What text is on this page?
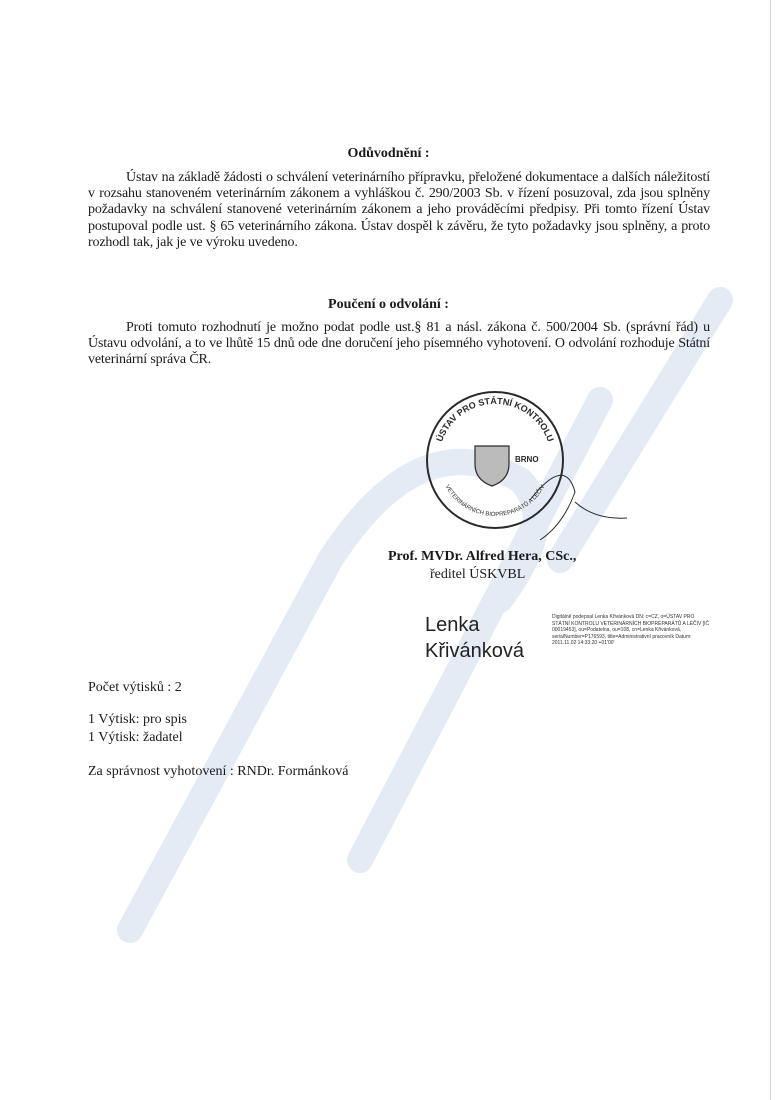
Odůvodnění :

Ústav na základě žádosti o schválení veterinárního přípravku, přeložené dokumentace a dalších náležitostí v rozsahu stanoveném veterinárním zákonem a vyhláškou č. 290/2003 Sb. v řízení posuzoval, zda jsou splněny požadavky na schválení stanovené veterinárním zákonem a jeho prováděcími předpisy. Při tomto řízení Ústav postupoval podle ust. § 65 veterinárního zákona. Ústav dospěl k závěru, že tyto požadavky jsou splněny, a proto rozhodl tak, jak je ve výroku uvedeno.

Poučení o odvolání :

Proti tomuto rozhodnutí je možno podat podle ust.§ 81 a násl. zákona č. 500/2004 Sb. (správní řád) u Ústavu odvolání, a to ve lhůtě 15 dnů ode dne doručení jeho písemného vyhotovení. O odvolání rozhoduje Státní veterinární správa ČR.

ÚSTAV PRO STÁTNÍ KONTROLU
VETERINÁRNÍCH BIOPREPARÁTŮ A LÉČIV
BRNO
Prof. MVDr. Alfred Hera, CSc.,
ředitel ÚSKVBL
Lenka
Křivánková
Digitálně podepsal Lenka Křivánková DN: c=CZ, o=ÚSTAV PRO STÁTNÍ KONTROLU VETERINÁRNÍCH BIOPREPARÁTŮ A LÉČIV [IČ 00019453], ou=Podatelna, ou=108, cn=Lenka Křivánková, serialNumber=P176593, title=Administrativní pracovník Datum: 2011.11.02 14:33:20 +01'00'
Počet výtisků : 2
1 Výtisk: pro spis
1 Výtisk: žadatel
Za správnost vyhotovení : RNDr. Formánková
